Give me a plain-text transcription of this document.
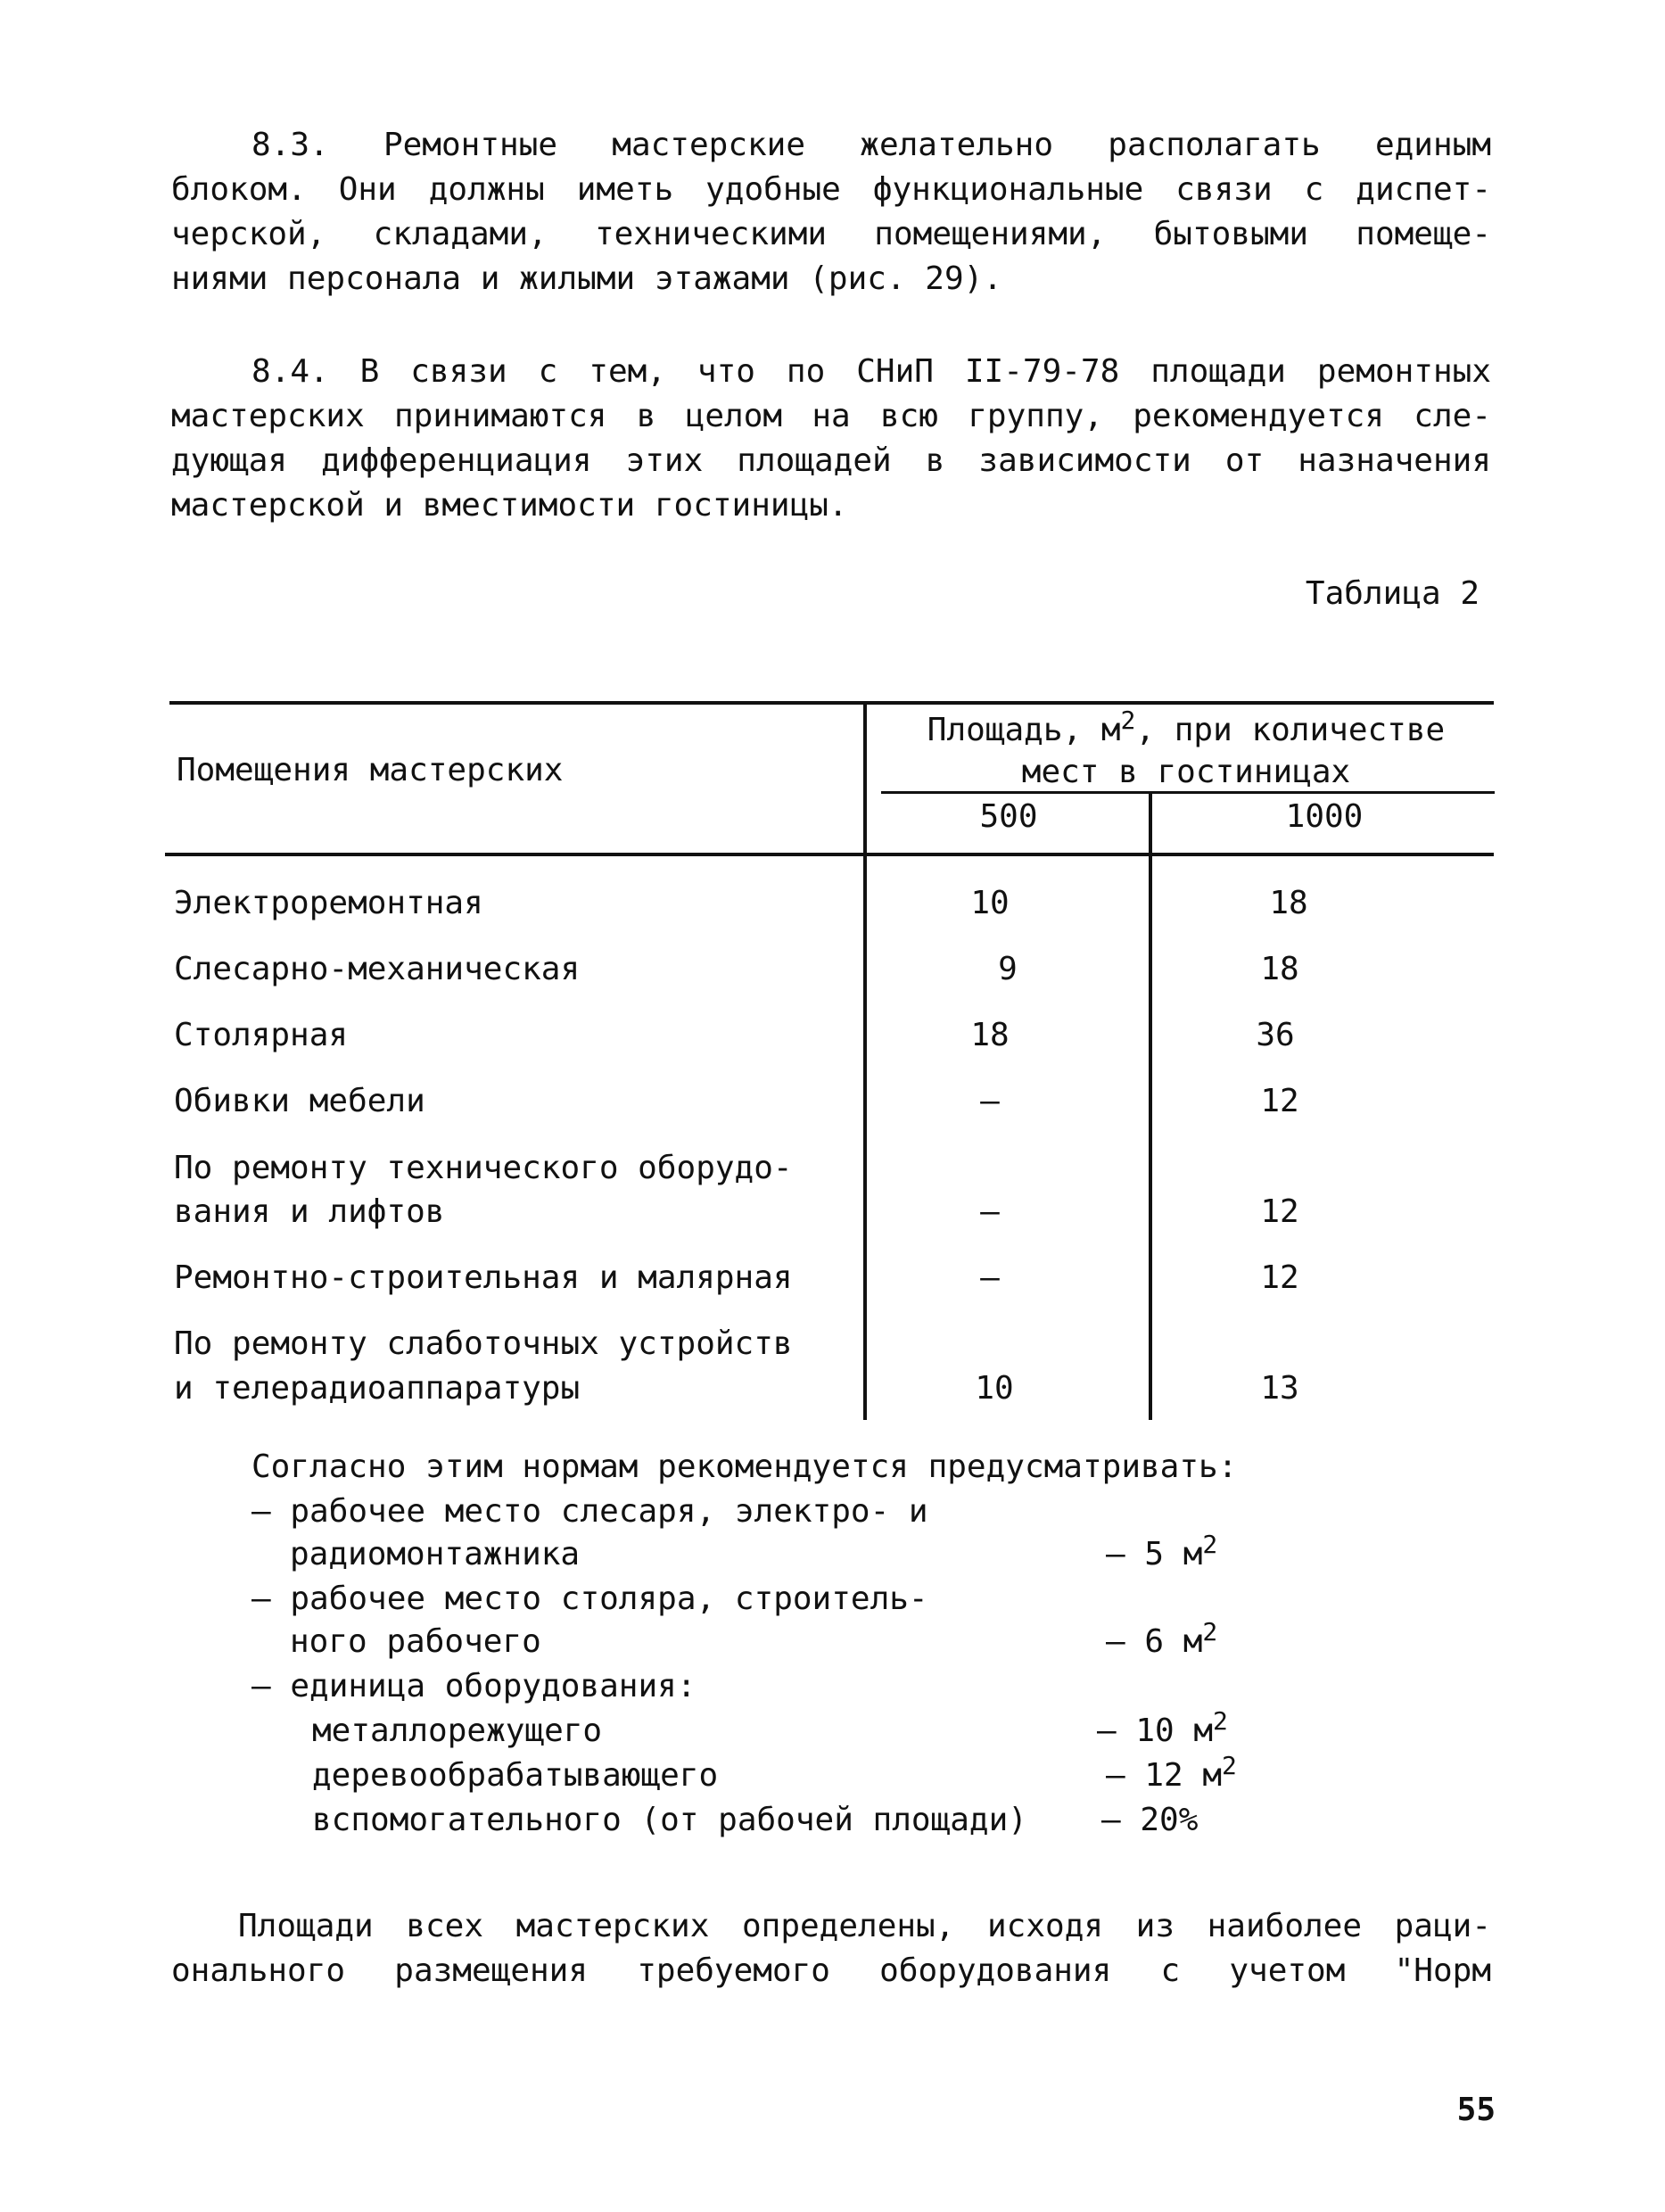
8.3. Ремонтные мастерские желательно располагать единым
блоком. Они должны иметь удобные функциональные связи с диспет-
черской, складами, техническими помещениями, бытовыми помеще-
ниями персонала и жилыми этажами (рис. 29).
8.4. В связи с тем, что по СНиП II-79-78 площади ремонтных
мастерских принимаются в целом на всю группу, рекомендуется сле-
дующая дифференциация этих площадей в зависимости от назначения
мастерской и вместимости гостиницы.
Таблица 2
Помещения мастерских
Площадь, $м^2$, при количестве
мест в гостиницах
500	1000
Электроремонтная	10	18
Слесарно-механическая	9	18
Столярная	18	36
Обивки мебели	–	12
По ремонту технического оборудо-
вания и лифтов	–	12
Ремонтно-строительная и малярная	–	12
По ремонту слаботочных устройств
и телерадиоаппаратуры	10	13
Согласно этим нормам рекомендуется предусматривать:
– рабочее место слесаря, электро- и
радиомонтажника	– 5 $м^2$
– рабочее место столяра, строитель-
ного рабочего	– 6 $м^2$
– единица оборудования:
металлорежущего	– 10 $м^2$
деревообрабатывающего	– 12 $м^2$
вспомогательного (от рабочей площади) – 20%
Площади всех мастерских определены, исходя из наиболее раци-
онального размещения требуемого оборудования с учетом "Норм
55
